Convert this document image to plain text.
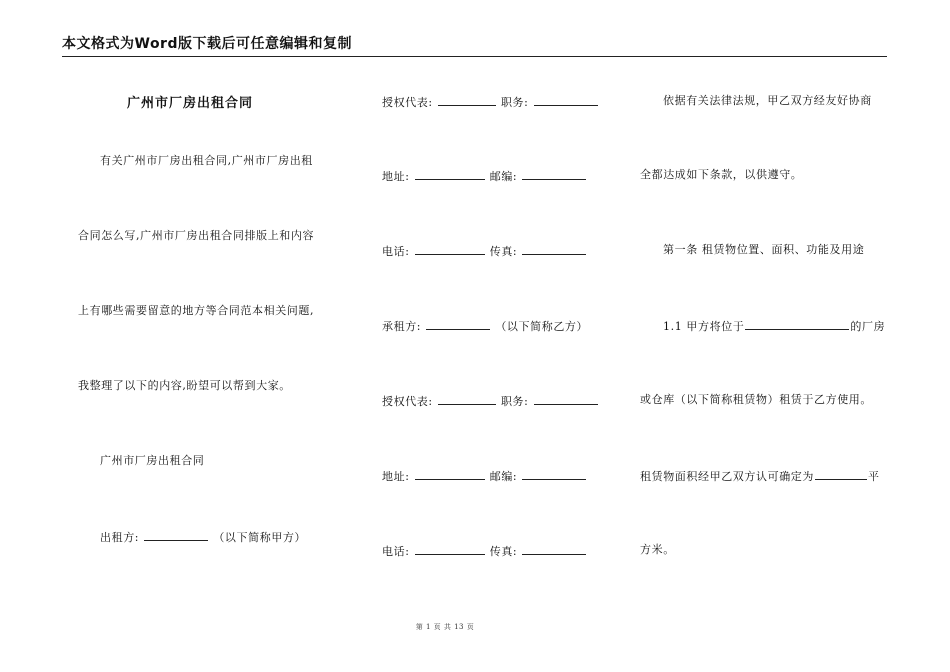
本文格式为Word版下载后可任意编辑和复制
广州市厂房出租合同
有关广州市厂房出租合同,广州市厂房出租
合同怎么写,广州市厂房出租合同排版上和内容
上有哪些需要留意的地方等合同范本相关问题,
我整理了以下的内容,盼望可以帮到大家。
广州市厂房出租合同
出租方:	（以下简称甲方）
授权代表:	职务:
地址:	邮编:
电话:	传真:
承租方:	（以下简称乙方）
授权代表:	职务:
地址:	邮编:
电话:	传真:
依据有关法律法规，甲乙双方经友好协商
全都达成如下条款，以供遵守。
第一条 租赁物位置、面积、功能及用途
1.1 甲方将位于	的厂房
或仓库（以下简称租赁物）租赁于乙方使用。
租赁物面积经甲乙双方认可确定为	平
方米。
第 1 页 共 13 页
